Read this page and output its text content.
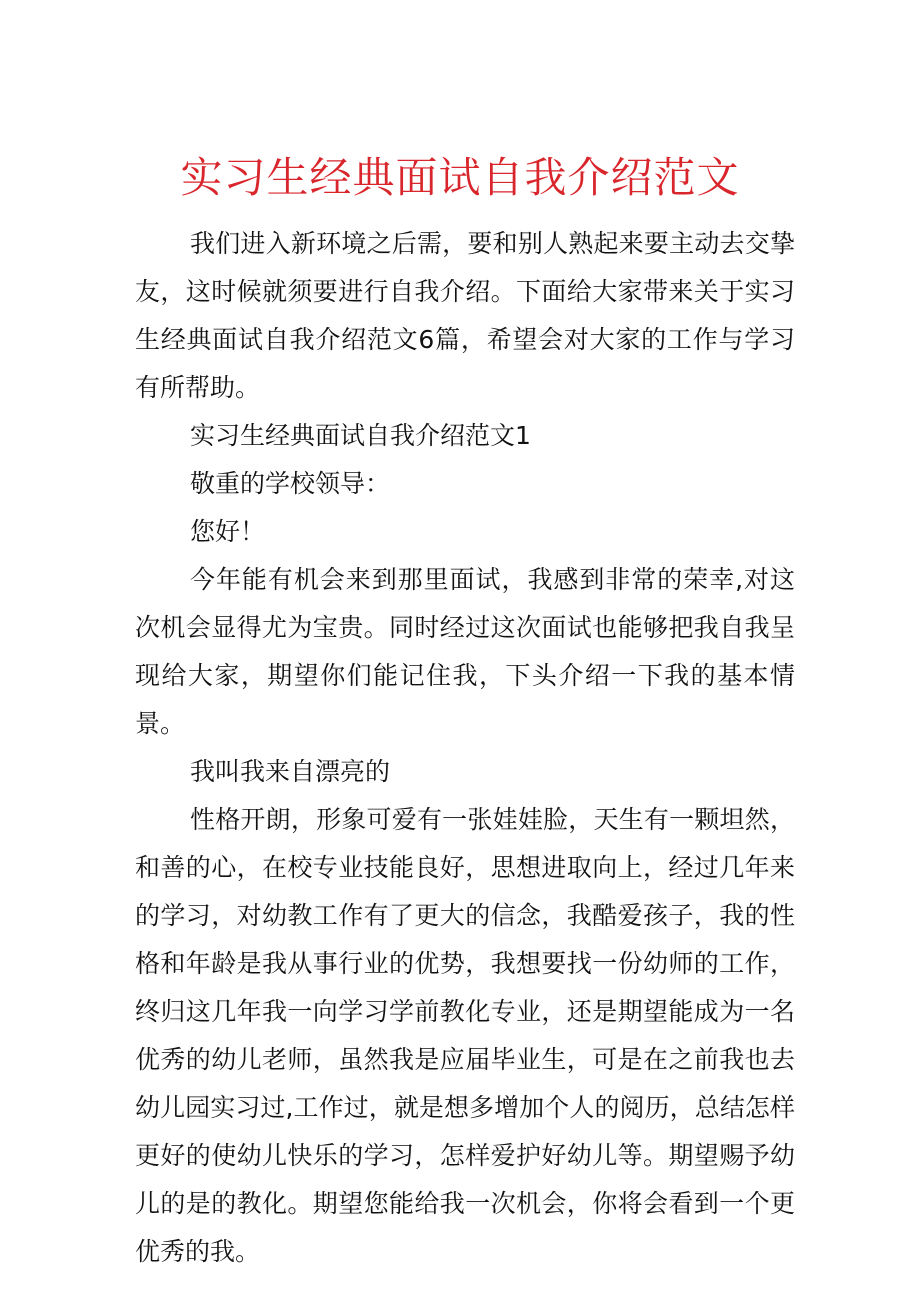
实习生经典面试自我介绍范文

我们进入新环境之后需，要和别人熟起来要主动去交挚友，这时候就须要进行自我介绍。下面给大家带来关于实习生经典面试自我介绍范文6篇，希望会对大家的工作与学习有所帮助。

实习生经典面试自我介绍范文1

敬重的学校领导：

您好！

今年能有机会来到那里面试，我感到非常的荣幸,对这次机会显得尤为宝贵。同时经过这次面试也能够把我自我呈现给大家，期望你们能记住我，下头介绍一下我的基本情景。

我叫我来自漂亮的

性格开朗，形象可爱有一张娃娃脸，天生有一颗坦然，和善的心，在校专业技能良好，思想进取向上，经过几年来的学习，对幼教工作有了更大的信念，我酷爱孩子，我的性格和年龄是我从事行业的优势，我想要找一份幼师的工作，终归这几年我一向学习学前教化专业，还是期望能成为一名优秀的幼儿老师，虽然我是应届毕业生，可是在之前我也去幼儿园实习过,工作过，就是想多增加个人的阅历，总结怎样更好的使幼儿快乐的学习，怎样爱护好幼儿等。期望赐予幼儿的是的教化。期望您能给我一次机会，你将会看到一个更优秀的我。
